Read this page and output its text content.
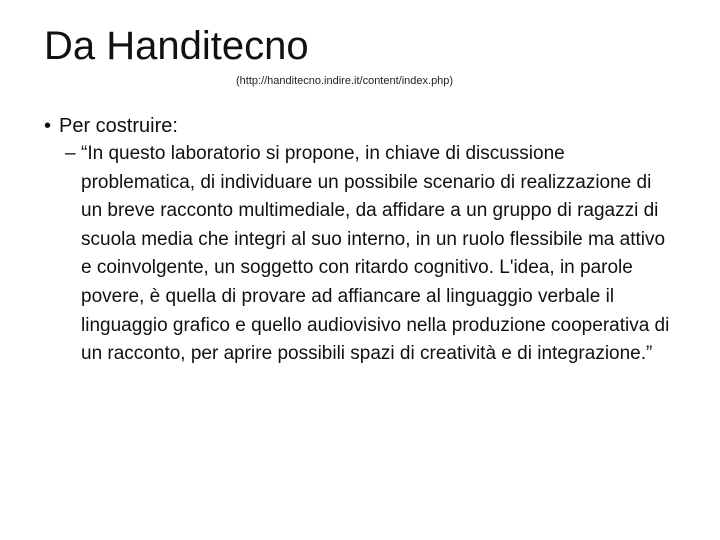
Da Handitecno
(http://handitecno.indire.it/content/index.php)
• Per costruire:
– “In questo laboratorio si propone, in chiave di discussione problematica, di individuare un possibile scenario di realizzazione di un breve racconto multimediale, da affidare a un gruppo di ragazzi di scuola media che integri al suo interno, in un ruolo flessibile ma attivo e coinvolgente, un soggetto con ritardo cognitivo. L'idea, in parole povere, è quella di provare ad affiancare al linguaggio verbale il linguaggio grafico e quello audiovisivo nella produzione cooperativa di un racconto, per aprire possibili spazi di creatività e di integrazione.”
